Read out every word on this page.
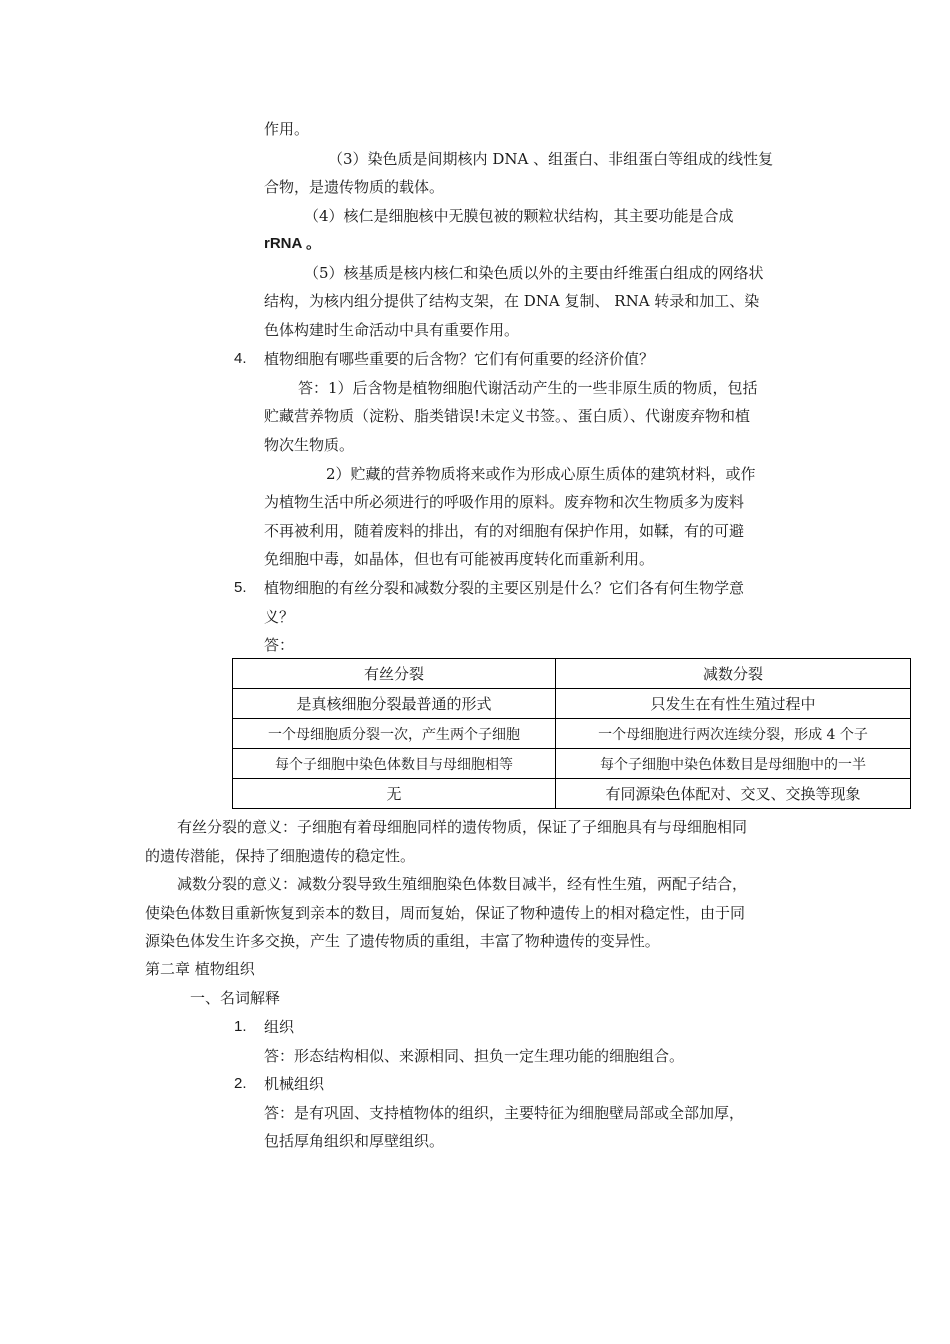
作用。
（3）染色质是间期核内 DNA 、组蛋白、非组蛋白等组成的线性复
合物，是遗传物质的载体。
（4）核仁是细胞核中无膜包被的颗粒状结构，其主要功能是合成
rRNA 。
（5）核基质是核内核仁和染色质以外的主要由纤维蛋白组成的网络状
结构，为核内组分提供了结构支架，在 DNA 复制、 RNA 转录和加工、染
色体构建时生命活动中具有重要作用。
4. 植物细胞有哪些重要的后含物？它们有何重要的经济价值？
答：1）后含物是植物细胞代谢活动产生的一些非原生质的物质，包括
贮藏营养物质（淀粉、脂类错误!未定义书签。、蛋白质）、代谢废弃物和植
物次生物质。
2）贮藏的营养物质将来或作为形成心原生质体的建筑材料，或作
为植物生活中所必须进行的呼吸作用的原料。废弃物和次生物质多为废料
不再被利用，随着废料的排出，有的对细胞有保护作用，如鞣，有的可避
免细胞中毒，如晶体，但也有可能被再度转化而重新利用。
5. 植物细胞的有丝分裂和减数分裂的主要区别是什么？它们各有何生物学意
义？
答：
有丝分裂	减数分裂
是真核细胞分裂最普通的形式	只发生在有性生殖过程中
一个母细胞质分裂一次，产生两个子细胞	一个母细胞进行两次连续分裂，形成 4 个子
每个子细胞中染色体数目与母细胞相等	每个子细胞中染色体数目是母细胞中的一半
无	有同源染色体配对、交叉、交换等现象
有丝分裂的意义：子细胞有着母细胞同样的遗传物质，保证了子细胞具有与母细胞相同
的遗传潜能，保持了细胞遗传的稳定性。
减数分裂的意义：减数分裂导致生殖细胞染色体数目减半，经有性生殖，两配子结合，
使染色体数目重新恢复到亲本的数目，周而复始，保证了物种遗传上的相对稳定性，由于同
源染色体发生许多交换，产生 了遗传物质的重组，丰富了物种遗传的变异性。
第二章 植物组织
一、名词解释
1. 组织
答：形态结构相似、来源相同、担负一定生理功能的细胞组合。
2. 机械组织
答：是有巩固、支持植物体的组织，主要特征为细胞壁局部或全部加厚，
包括厚角组织和厚壁组织。
